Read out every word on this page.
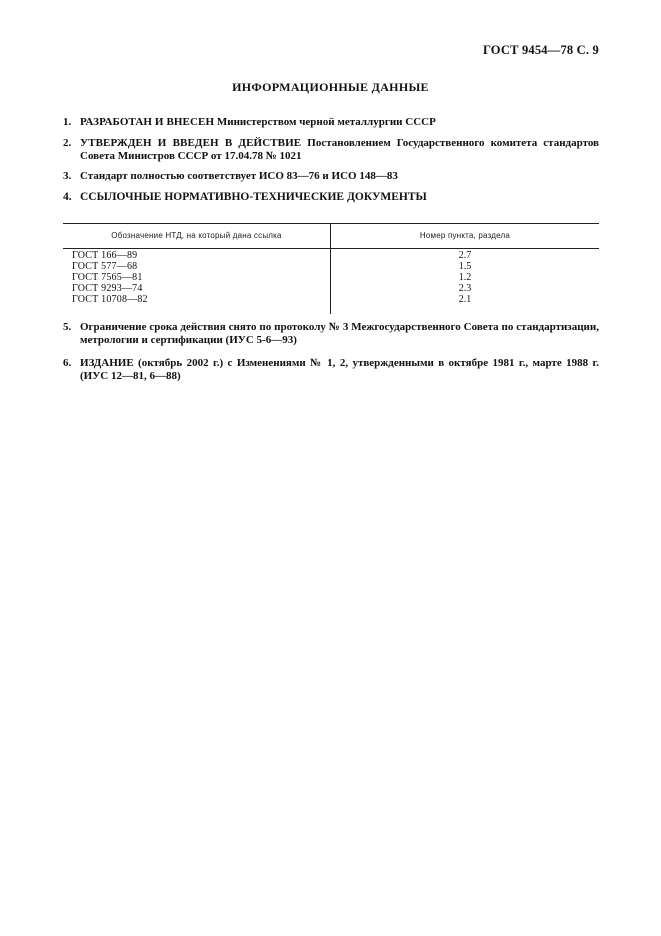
ГОСТ 9454—78 С. 9
ИНФОРМАЦИОННЫЕ ДАННЫЕ
1. РАЗРАБОТАН И ВНЕСЕН Министерством черной металлургии СССР
2. УТВЕРЖДЕН И ВВЕДЕН В ДЕЙСТВИЕ Постановлением Государственного комитета стандартов Совета Министров СССР от 17.04.78 № 1021
3. Стандарт полностью соответствует ИСО 83—76 и ИСО 148—83
4. ССЫЛОЧНЫЕ НОРМАТИВНО-ТЕХНИЧЕСКИЕ ДОКУМЕНТЫ
Обозначение НТД, на который дана ссылка	Номер пункта, раздела
ГОСТ 166—89	2.7
ГОСТ 577—68	1.5
ГОСТ 7565—81	1.2
ГОСТ 9293—74	2.3
ГОСТ 10708—82	2.1
5. Ограничение срока действия снято по протоколу № 3 Межгосударственного Совета по стандартизации, метрологии и сертификации (ИУС 5-6—93)
6. ИЗДАНИЕ (октябрь 2002 г.) с Изменениями № 1, 2, утвержденными в октябре 1981 г., марте 1988 г. (ИУС 12—81, 6—88)
